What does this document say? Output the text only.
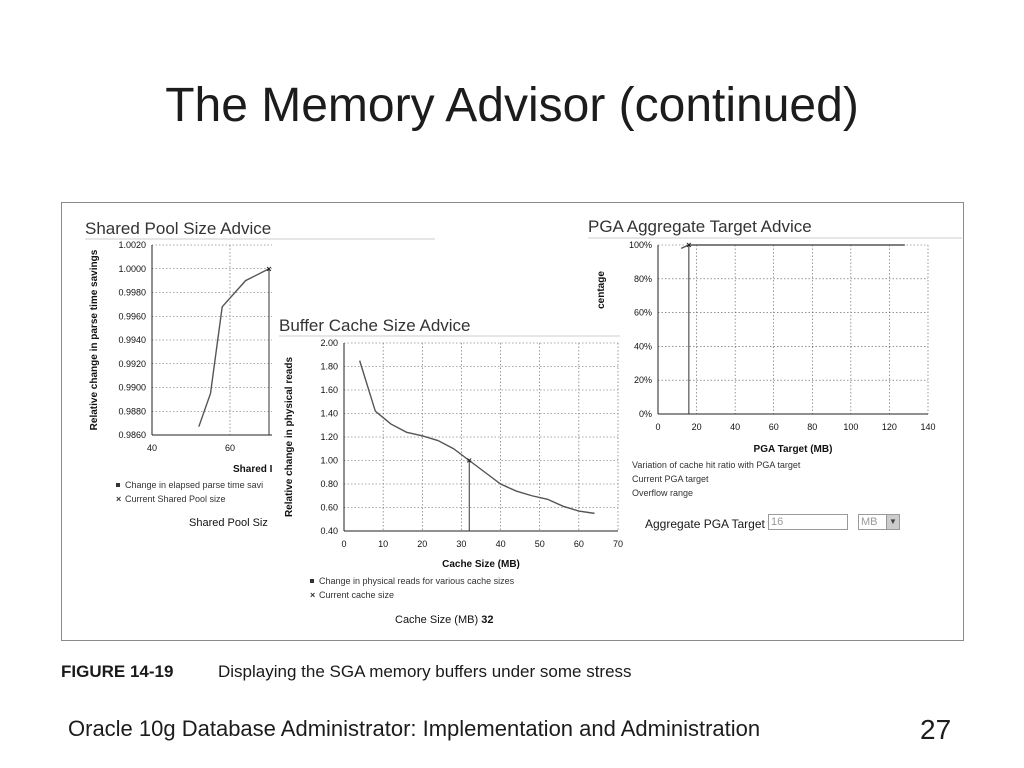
The Memory Advisor (continued)
Shared Pool Size Advice
0.9860
0.9880
0.9900
0.9920
0.9940
0.9960
0.9980
1.0000
1.0020
40	60
×
Relative change in parse time savings
Shared I
Change in elapsed parse time savi
× Current Shared Pool size
Shared Pool Siz
PGA Aggregate Target Advice
0%
20%
40%
60%
80%
100%
0	20	40	60	80	100	120	140
×
centage
PGA Target (MB)
Variation of cache hit ratio with PGA target
Current PGA target
Overflow range
Buffer Cache Size Advice
0.40
0.60
0.80
1.00
1.20
1.40
1.60
1.80
2.00
0	10	20	30	40	50	60	70
×
Relative change in physical reads
Cache Size (MB)
Change in physical reads for various cache sizes
× Current cache size
Cache Size (MB) 32
Aggregate PGA Target 16	MB	▼
FIGURE 14-19	Displaying the SGA memory buffers under some stress
Oracle 10g Database Administrator: Implementation and Administration	27
